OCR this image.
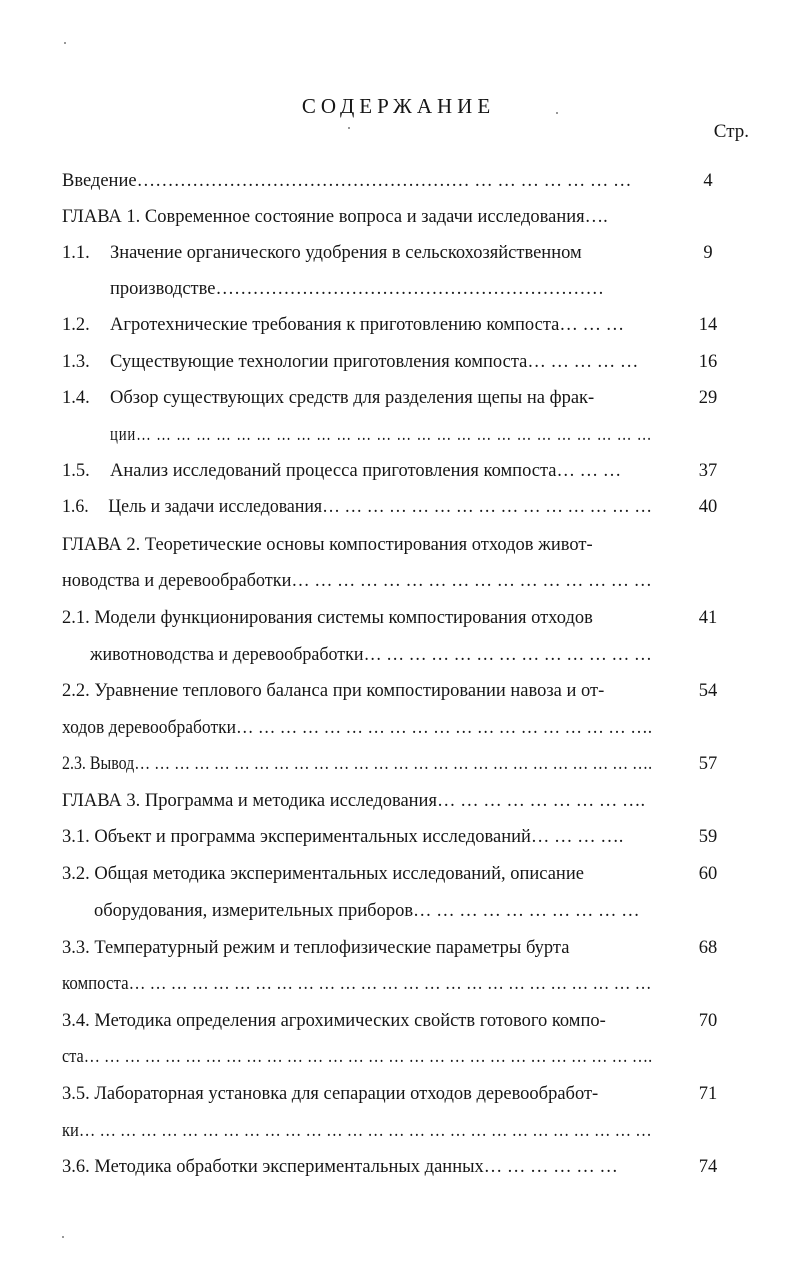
СОДЕРЖАНИЕ
Стр.
Введение……………………………………………… … … … … … … …	4
ГЛАВА 1. Современное состояние вопроса и задачи исследования….
1.1. Значение органического удобрения в сельскохозяйственном	9
производстве………………………………………………………
1.2. Агротехнические требования к приготовлению компоста… … …	14
1.3. Существующие технологии приготовления компоста… … … … …	16
1.4. Обзор существующих средств для разделения щепы на фрак-	29
ции… … … … … … … … … … … … … … … … … … … … … … … … … …
1.5. Анализ исследований процесса приготовления компоста… … …	37
1.6. Цель и задачи исследования… … … … … … … … … … … … … … …	40
ГЛАВА 2. Теоретические основы компостирования отходов живот-
новодства и деревообработки… … … … … … … … … … … … … … … …
2.1. Модели функционирования системы компостирования отходов	41
животноводства и деревообработки… … … … … … … … … … … … …
2.2. Уравнение теплового баланса при компостировании навоза и от-	54
ходов деревообработки… … … … … … … … … … … … … … … … … … ….
2.3. Вывод… … … … … … … … … … … … … … … … … … … … … … … … … ….	57
ГЛАВА 3. Программа и методика исследования… … … … … … … … ….
3.1. Объект и программа экспериментальных исследований… … … ….	59
3.2. Общая методика экспериментальных исследований, описание	60
оборудования, измерительных приборов… … … … … … … … … …
3.3. Температурный режим и теплофизические параметры бурта	68
компоста… … … … … … … … … … … … … … … … … … … … … … … … …
3.4. Методика определения агрохимических свойств готового компо-	70
ста… … … … … … … … … … … … … … … … … … … … … … … … … … … ….
3.5. Лабораторная установка для сепарации отходов деревообработ-	71
ки… … … … … … … … … … … … … … … … … … … … … … … … … … … …
3.6. Методика обработки экспериментальных данных… … … … … …	74
